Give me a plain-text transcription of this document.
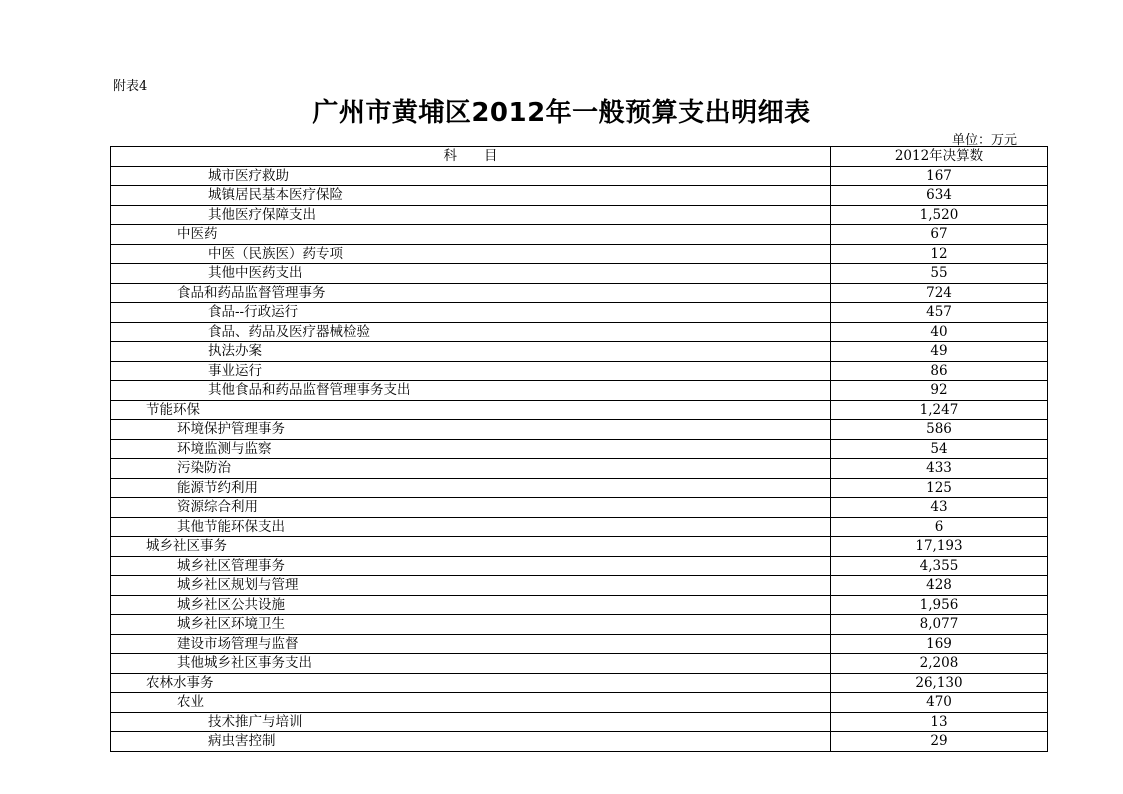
附表4
广州市黄埔区2012年一般预算支出明细表
单位：万元
科　　目	2012年决算数
城市医疗救助	167
城镇居民基本医疗保险	634
其他医疗保障支出	1,520
中医药	67
中医（民族医）药专项	12
其他中医药支出	55
食品和药品监督管理事务	724
食品--行政运行	457
食品、药品及医疗器械检验	40
执法办案	49
事业运行	86
其他食品和药品监督管理事务支出	92
节能环保	1,247
环境保护管理事务	586
环境监测与监察	54
污染防治	433
能源节约利用	125
资源综合利用	43
其他节能环保支出	6
城乡社区事务	17,193
城乡社区管理事务	4,355
城乡社区规划与管理	428
城乡社区公共设施	1,956
城乡社区环境卫生	8,077
建设市场管理与监督	169
其他城乡社区事务支出	2,208
农林水事务	26,130
农业	470
技术推广与培训	13
病虫害控制	29
